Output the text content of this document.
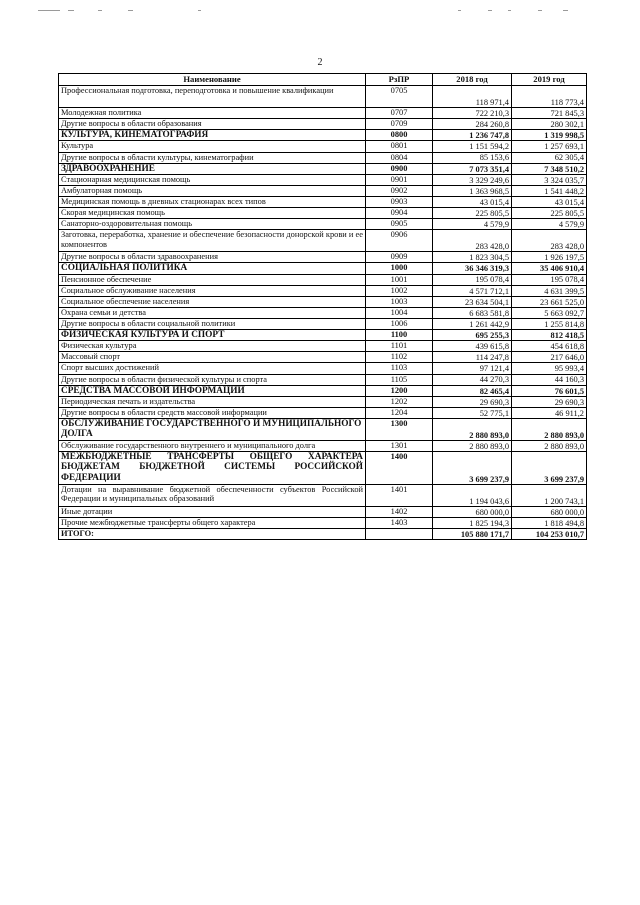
2
Наименование	РзПР	2018 год	2019 год
Профессиональная подготовка, переподготовка и повышение квалификации	0705	118 971,4	118 773,4
Молодежная политика	0707	722 210,3	721 845,3
Другие вопросы в области образования	0709	284 260,8	280 302,1
КУЛЬТУРА, КИНЕМАТОГРАФИЯ	0800	1 236 747,8	1 319 998,5
Культура	0801	1 151 594,2	1 257 693,1
Другие вопросы в области культуры, кинематографии	0804	85 153,6	62 305,4
ЗДРАВООХРАНЕНИЕ	0900	7 073 351,4	7 348 510,2
Стационарная медицинская помощь	0901	3 329 249,6	3 324 035,7
Амбулаторная помощь	0902	1 363 968,5	1 541 448,2
Медицинская помощь в дневных стационарах всех типов	0903	43 015,4	43 015,4
Скорая медицинская помощь	0904	225 805,5	225 805,5
Санаторно-оздоровительная помощь	0905	4 579,9	4 579,9
Заготовка, переработка, хранение и обеспечение безопасности донорской крови и ее компонентов	0906	283 428,0	283 428,0
Другие вопросы в области здравоохранения	0909	1 823 304,5	1 926 197,5
СОЦИАЛЬНАЯ ПОЛИТИКА	1000	36 346 319,3	35 406 910,4
Пенсионное обеспечение	1001	195 078,4	195 078,4
Социальное обслуживание населения	1002	4 571 712,1	4 631 399,5
Социальное обеспечение населения	1003	23 634 504,1	23 661 525,0
Охрана семьи и детства	1004	6 683 581,8	5 663 092,7
Другие вопросы в области социальной политики	1006	1 261 442,9	1 255 814,8
ФИЗИЧЕСКАЯ КУЛЬТУРА И СПОРТ	1100	695 255,3	812 418,5
Физическая культура	1101	439 615,8	454 618,8
Массовый спорт	1102	114 247,8	217 646,0
Спорт высших достижений	1103	97 121,4	95 993,4
Другие вопросы в области физической культуры и спорта	1105	44 270,3	44 160,3
СРЕДСТВА МАССОВОЙ ИНФОРМАЦИИ	1200	82 465,4	76 601,5
Периодическая печать и издательства	1202	29 690,3	29 690,3
Другие вопросы в области средств массовой информации	1204	52 775,1	46 911,2
ОБСЛУЖИВАНИЕ ГОСУДАРСТВЕННОГО И МУНИЦИПАЛЬНОГО ДОЛГА	1300	2 880 893,0	2 880 893,0
Обслуживание государственного внутреннего и муниципального долга	1301	2 880 893,0	2 880 893,0
МЕЖБЮДЖЕТНЫЕ ТРАНСФЕРТЫ ОБЩЕГО ХАРАКТЕРА БЮДЖЕТАМ БЮДЖЕТНОЙ СИСТЕМЫ РОССИЙСКОЙ ФЕДЕРАЦИИ	1400	3 699 237,9	3 699 237,9
Дотации на выравнивание бюджетной обеспеченности субъектов Российской Федерации и муниципальных образований	1401	1 194 043,6	1 200 743,1
Иные дотации	1402	680 000,0	680 000,0
Прочие межбюджетные трансферты общего характера	1403	1 825 194,3	1 818 494,8
ИТОГО:		105 880 171,7	104 253 010,7
